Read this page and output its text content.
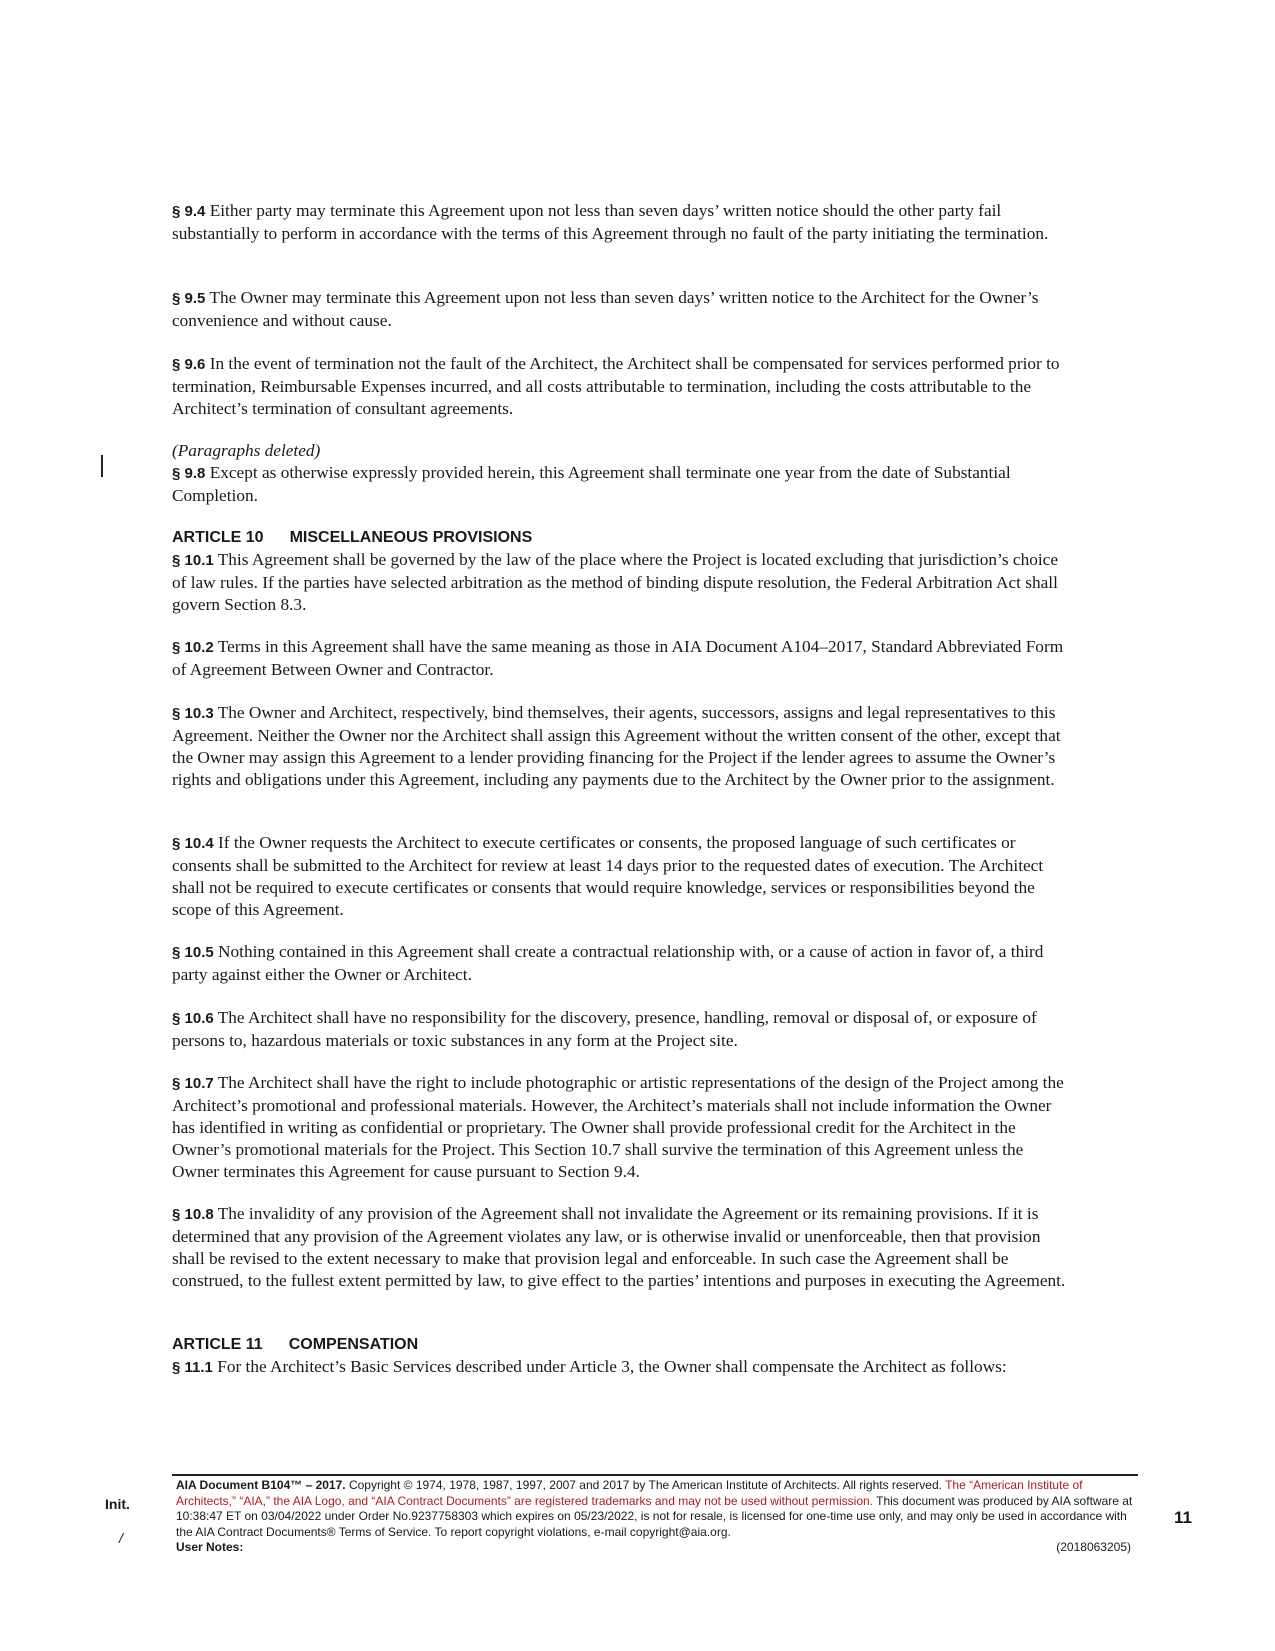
§ 9.4 Either party may terminate this Agreement upon not less than seven days’ written notice should the other party fail substantially to perform in accordance with the terms of this Agreement through no fault of the party initiating the termination.
§ 9.5 The Owner may terminate this Agreement upon not less than seven days’ written notice to the Architect for the Owner’s convenience and without cause.
§ 9.6 In the event of termination not the fault of the Architect, the Architect shall be compensated for services performed prior to termination, Reimbursable Expenses incurred, and all costs attributable to termination, including the costs attributable to the Architect’s termination of consultant agreements.
(Paragraphs deleted)
§ 9.8 Except as otherwise expressly provided herein, this Agreement shall terminate one year from the date of Substantial Completion.
ARTICLE 10 MISCELLANEOUS PROVISIONS
§ 10.1 This Agreement shall be governed by the law of the place where the Project is located excluding that jurisdiction’s choice of law rules. If the parties have selected arbitration as the method of binding dispute resolution, the Federal Arbitration Act shall govern Section 8.3.
§ 10.2 Terms in this Agreement shall have the same meaning as those in AIA Document A104–2017, Standard Abbreviated Form of Agreement Between Owner and Contractor.
§ 10.3 The Owner and Architect, respectively, bind themselves, their agents, successors, assigns and legal representatives to this Agreement. Neither the Owner nor the Architect shall assign this Agreement without the written consent of the other, except that the Owner may assign this Agreement to a lender providing financing for the Project if the lender agrees to assume the Owner’s rights and obligations under this Agreement, including any payments due to the Architect by the Owner prior to the assignment.
§ 10.4 If the Owner requests the Architect to execute certificates or consents, the proposed language of such certificates or consents shall be submitted to the Architect for review at least 14 days prior to the requested dates of execution. The Architect shall not be required to execute certificates or consents that would require knowledge, services or responsibilities beyond the scope of this Agreement.
§ 10.5 Nothing contained in this Agreement shall create a contractual relationship with, or a cause of action in favor of, a third party against either the Owner or Architect.
§ 10.6 The Architect shall have no responsibility for the discovery, presence, handling, removal or disposal of, or exposure of persons to, hazardous materials or toxic substances in any form at the Project site.
§ 10.7 The Architect shall have the right to include photographic or artistic representations of the design of the Project among the Architect’s promotional and professional materials. However, the Architect’s materials shall not include information the Owner has identified in writing as confidential or proprietary. The Owner shall provide professional credit for the Architect in the Owner’s promotional materials for the Project. This Section 10.7 shall survive the termination of this Agreement unless the Owner terminates this Agreement for cause pursuant to Section 9.4.
§ 10.8 The invalidity of any provision of the Agreement shall not invalidate the Agreement or its remaining provisions. If it is determined that any provision of the Agreement violates any law, or is otherwise invalid or unenforceable, then that provision shall be revised to the extent necessary to make that provision legal and enforceable. In such case the Agreement shall be construed, to the fullest extent permitted by law, to give effect to the parties’ intentions and purposes in executing the Agreement.
ARTICLE 11 COMPENSATION
§ 11.1 For the Architect’s Basic Services described under Article 3, the Owner shall compensate the Architect as follows:
Init.
/
11
AIA Document B104™ – 2017. Copyright © 1974, 1978, 1987, 1997, 2007 and 2017 by The American Institute of Architects. All rights reserved. The “American Institute of Architects,” “AIA,” the AIA Logo, and “AIA Contract Documents” are registered trademarks and may not be used without permission. This document was produced by AIA software at 10:38:47 ET on 03/04/2022 under Order No.9237758303 which expires on 05/23/2022, is not for resale, is licensed for one-time use only, and may only be used in accordance with the AIA Contract Documents® Terms of Service. To report copyright violations, e-mail copyright@aia.org.
User Notes:	(2018063205)
